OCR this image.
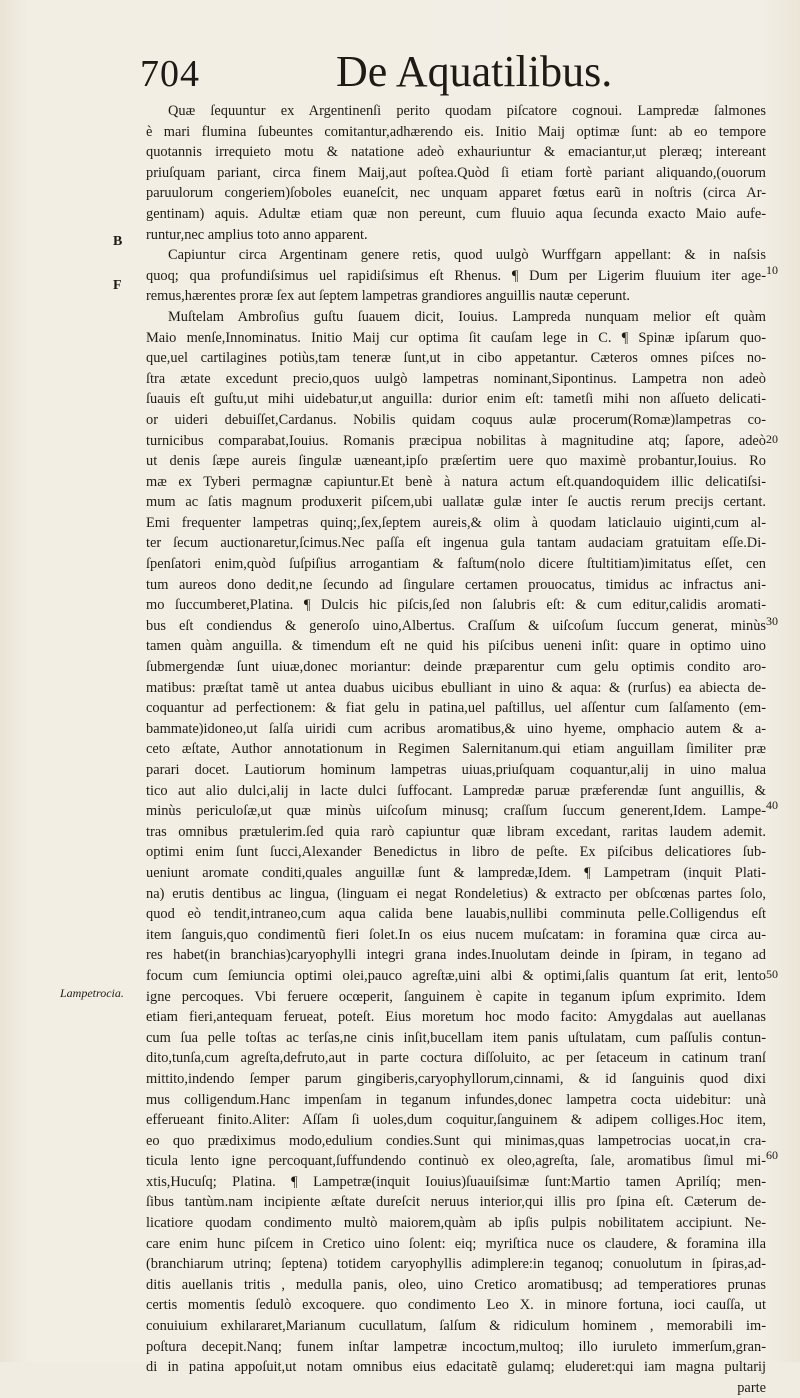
704	De Aquatilibus.
B
F
Lampetrocia.
10
20
30
40
50
60
Quæ ſequuntur ex Argentinenſi perito quodam piſcatore cognoui. Lampredæ ſalmones
è mari flumina ſubeuntes comitantur,adhærendo eis. Initio Maij optimæ ſunt: ab eo tempore
quotannis irrequieto motu & natatione adeò exhauriuntur & emaciantur,ut pleræq; intereant
priuſquam pariant, circa finem Maij,aut poſtea.Quòd ſi etiam fortè pariant aliquando,(ouorum
paruulorum congeriem)ſoboles euaneſcit, nec unquam apparet fœtus earũ in noſtris (circa Ar-
gentinam) aquis. Adultæ etiam quæ non pereunt, cum fluuio aqua ſecunda exacto Maio aufe-
runtur,nec amplius toto anno apparent.
Capiuntur circa Argentinam genere retis, quod uulgò Wurffgarn appellant: & in naſsis
quoq; qua profundiſsimus uel rapidiſsimus eſt Rhenus. ¶ Dum per Ligerim fluuium iter age-
remus,hærentes proræ ſex aut ſeptem lampetras grandiores anguillis nautæ ceperunt.
Muſtelam Ambroſius guſtu ſuauem dicit, Iouius. Lampreda nunquam melior eſt quàm
Maio menſe,Innominatus. Initio Maij cur optima ſit cauſam lege in C. ¶ Spinæ ipſarum quo-
que,uel cartilagines potiùs,tam teneræ ſunt,ut in cibo appetantur. Cæteros omnes piſces no-
ſtra ætate excedunt precio,quos uulgò lampetras nominant,Sipontinus. Lampetra non adeò
ſuauis eſt guſtu,ut mihi uidebatur,ut anguilla: durior enim eſt: tametſi mihi non aſſueto delicati-
or uideri debuiſſet,Cardanus. Nobilis quidam coquus aulæ procerum(Romæ)lampetras co-
turnicibus comparabat,Iouius. Romanis præcipua nobilitas à magnitudine atq; ſapore, adeò
ut denis ſæpe aureis ſingulæ uæneant,ipſo præſertim uere quo maximè probantur,Iouius. Ro
mæ ex Tyberi permagnæ capiuntur.Et benè à natura actum eſt.quandoquidem illic delicatiſsi-
mum ac ſatis magnum produxerit piſcem,ubi uallatæ gulæ inter ſe auctis rerum precijs certant.
Emi frequenter lampetras quinq;,ſex,ſeptem aureis,& olim à quodam laticlauio uiginti,cum al-
ter ſecum auctionaretur,ſcimus.Nec paſſa eſt ingenua gula tantam audaciam gratuitam eſſe.Di-
ſpenſatori enim,quòd ſuſpiſius arrogantiam & faſtum(nolo dicere ſtultitiam)imitatus eſſet, cen
tum aureos dono dedit,ne ſecundo ad ſingulare certamen prouocatus, timidus ac infractus ani-
mo ſuccumberet,Platina. ¶ Dulcis hic piſcis,ſed non ſalubris eſt: & cum editur,calidis aromati-
bus eſt condiendus & generoſo uino,Albertus. Craſſum & uiſcoſum ſuccum generat, minùs
tamen quàm anguilla. & timendum eſt ne quid his piſcibus ueneni inſit: quare in optimo uino
ſubmergendæ ſunt uiuæ,donec moriantur: deinde præparentur cum gelu optimis condito aro-
matibus: præſtat tamẽ ut antea duabus uicibus ebulliant in uino & aqua: & (rurſus) ea abiecta de-
coquantur ad perfectionem: & fiat gelu in patina,uel paſtillus, uel aſſentur cum ſalſamento (em-
bammate)idoneo,ut ſalſa uiridi cum acribus aromatibus,& uino hyeme, omphacio autem & a-
ceto æſtate, Author annotationum in Regimen Salernitanum.qui etiam anguillam ſimiliter præ
parari docet. Lautiorum hominum lampetras uiuas,priuſquam coquantur,alij in uino malua
tico aut alio dulci,alij in lacte dulci ſuffocant. Lampredæ paruæ præferendæ ſunt anguillis, &
minùs periculoſæ,ut quæ minùs uiſcoſum minusq; craſſum ſuccum generent,Idem. Lampe-
tras omnibus prætulerim.ſed quia rarò capiuntur quæ libram excedant, raritas laudem ademit.
optimi enim ſunt ſucci,Alexander Benedictus in libro de peſte. Ex piſcibus delicatiores ſub-
ueniunt aromate conditi,quales anguillæ ſunt & lampredæ,Idem. ¶ Lampetram (inquit Plati-
na) erutis dentibus ac lingua, (linguam ei negat Rondeletius) & extracto per obſcœnas partes ſolo,
quod eò tendit,intraneo,cum aqua calida bene lauabis,nullibi comminuta pelle.Colligendus eſt
item ſanguis,quo condimentũ fieri ſolet.In os eius nucem muſcatam: in foramina quæ circa au-
res habet(in branchias)caryophylli integri grana indes.Inuolutam deinde in ſpiram, in tegano ad
focum cum ſemiuncia optimi olei,pauco agreſtæ,uini albi & optimi,ſalis quantum ſat erit, lento
igne percoques. Vbi feruere ocœperit, ſanguinem è capite in teganum ipſum exprimito. Idem
etiam fieri,antequam ferueat, poteſt. Eius moretum hoc modo facito: Amygdalas aut auellanas
cum ſua pelle toſtas ac terſas,ne cinis inſit,bucellam item panis uſtulatam, cum paſſulis contun-
dito,tunſa,cum agreſta,defruto,aut in parte coctura diſſoluito, ac per ſetaceum in catinum tranſ
mittito,indendo ſemper parum gingiberis,caryophyllorum,cinnami, & id ſanguinis quod dixi
mus colligendum.Hanc impenſam in teganum infundes,donec lampetra cocta uidebitur: unà
efferueant finito.Aliter: Aſſam ſi uoles,dum coquitur,ſanguinem & adipem colliges.Hoc item,
eo quo prædiximus modo,edulium condies.Sunt qui minimas,quas lampetrocias uocat,in cra-
ticula lento igne percoquant,ſuffundendo continuò ex oleo,agreſta, ſale, aromatibus ſimul mi-
xtis,Hucuſq; Platina. ¶ Lampetræ(inquit Iouius)ſuauiſsimæ ſunt:Martio tamen Aprilíq; men-
ſibus tantùm.nam incipiente æſtate dureſcit neruus interior,qui illis pro ſpina eſt. Cæterum de-
licatiore quodam condimento multò maiorem,quàm ab ipſis pulpis nobilitatem accipiunt. Ne-
care enim hunc piſcem in Cretico uino ſolent: eiq; myriſtica nuce os claudere, & foramina illa
(branchiarum utrinq; ſeptena) totidem caryophyllis adimplere:in teganoq; conuolutum in ſpiras,ad-
ditis auellanis tritis , medulla panis, oleo, uino Cretico aromatibusq; ad temperatiores prunas
certis momentis ſedulò excoquere. quo condimento Leo X. in minore fortuna, ioci cauſſa, ut
conuiuium exhilararet,Marianum cucullatum, ſalſum & ridiculum hominem , memorabili im-
poſtura decepit.Nanq; funem inſtar lampetræ incoctum,multoq; illo iuruleto immerſum,gran-
di in patina appoſuit,ut notam omnibus eius edacitatẽ gulamq; eluderet:qui iam magna pultarij
parte
